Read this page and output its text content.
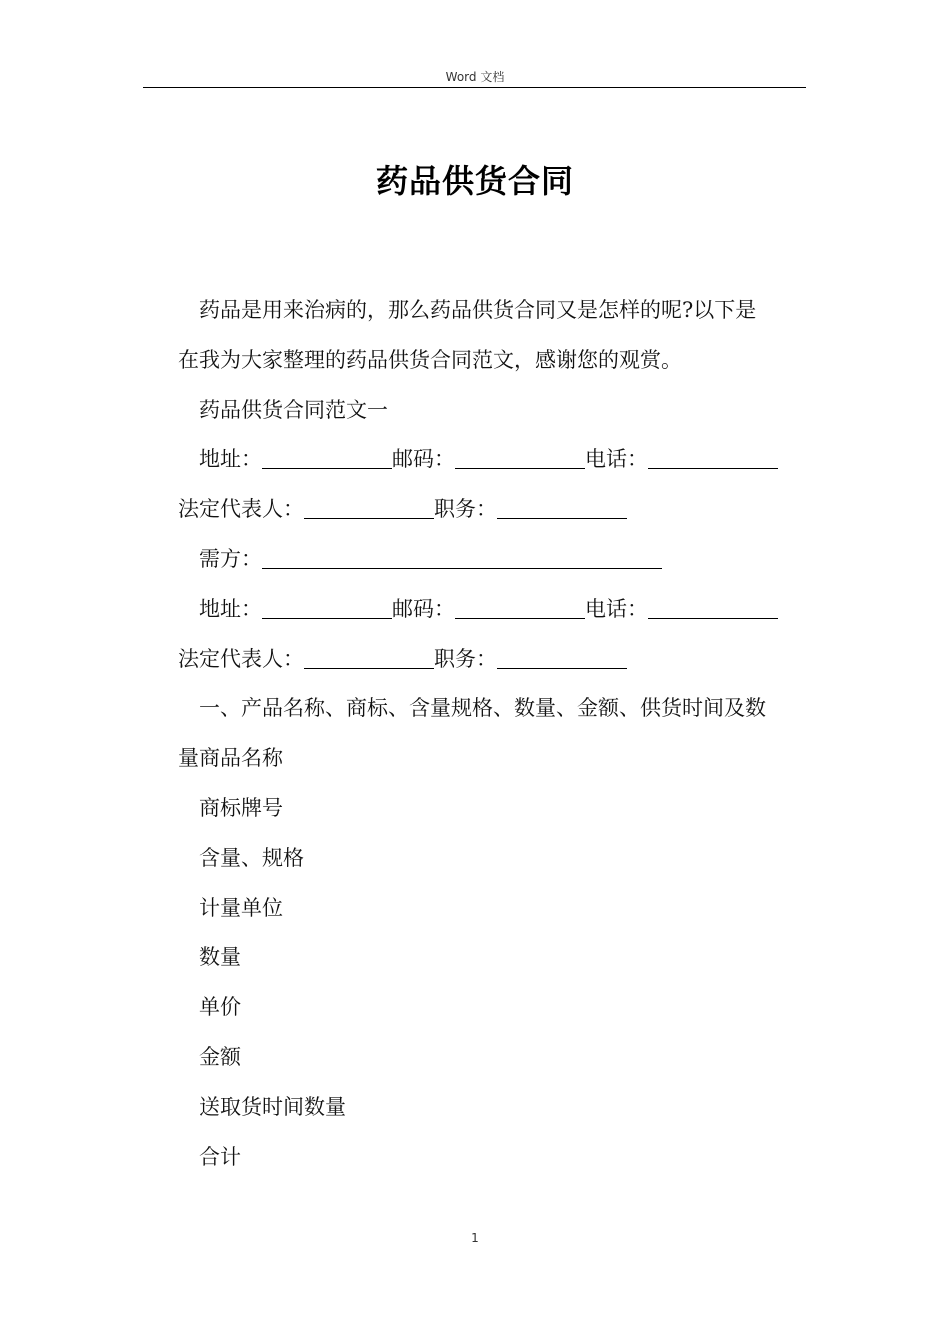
Word 文档
药品供货合同

药品是用来治病的，那么药品供货合同又是怎样的呢?以下是

在我为大家整理的药品供货合同范文，感谢您的观赏。

药品供货合同范文一

地址：	邮码：	电话：

法定代表人：	职务：

需方：

地址：	邮码：	电话：

法定代表人：	职务：

一、产品名称、商标、含量规格、数量、金额、供货时间及数

量商品名称

商标牌号

含量、规格

计量单位

数量

单价

金额

送取货时间数量

合计

1
